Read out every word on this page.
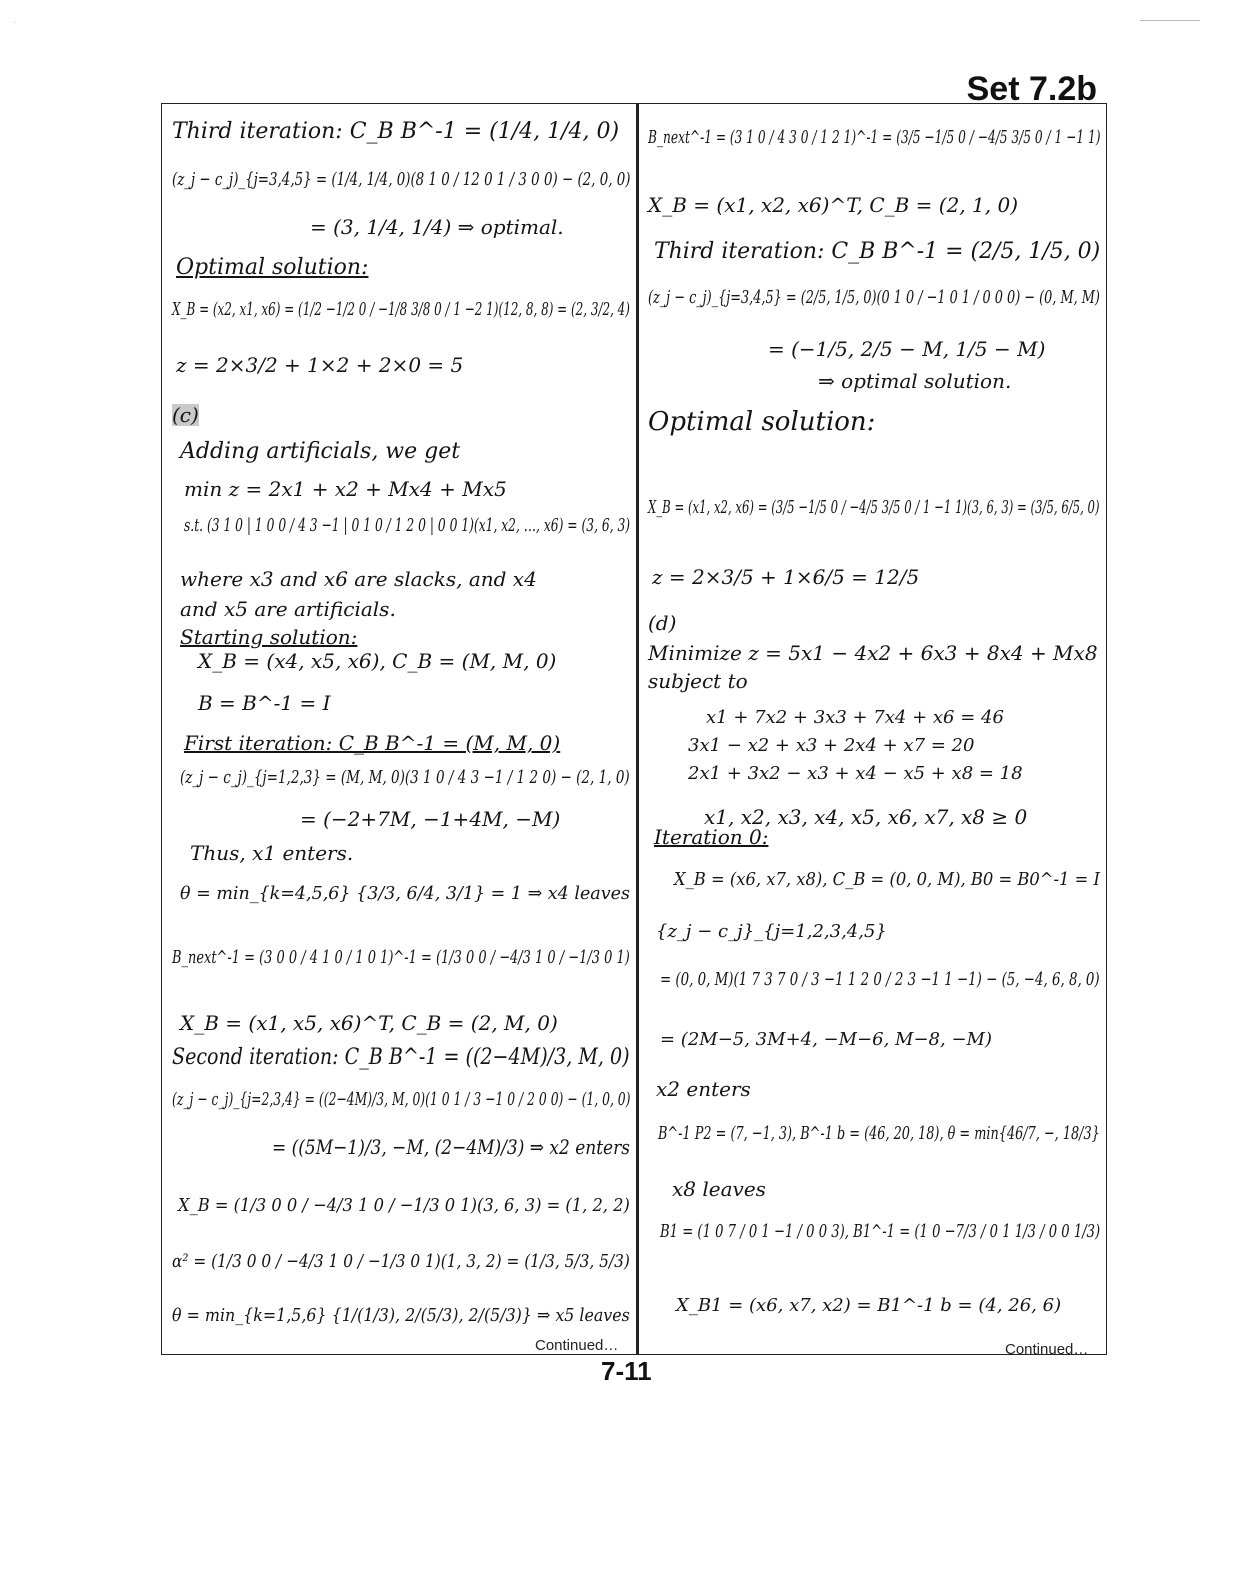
Set 7.2b
Third iteration: C_B B^-1 = (1/4, 1/4, 0)
(z_j − c_j)_{j=3,4,5} = (1/4, 1/4, 0)(8 1 0 / 12 0 1 / 3 0 0) − (2, 0, 0)
= (3, 1/4, 1/4) ⇒ optimal.
Optimal solution:
X_B = (x2, x1, x6) = (1/2 −1/2 0 / −1/8 3/8 0 / 1 −2 1)(12, 8, 8) = (2, 3/2, 4)
z = 2×3/2 + 1×2 + 2×0 = 5
(c)
Adding artificials, we get
min z = 2x1 + x2 + Mx4 + Mx5
s.t. (3 1 0 | 1 0 0 / 4 3 −1 | 0 1 0 / 1 2 0 | 0 0 1)(x1, x2, …, x6) = (3, 6, 3)
where x3 and x6 are slacks, and x4
and x5 are artificials.
Starting solution:
X_B = (x4, x5, x6), C_B = (M, M, 0)
B = B^-1 = I
First iteration: C_B B^-1 = (M, M, 0)
(z_j − c_j)_{j=1,2,3} = (M, M, 0)(3 1 0 / 4 3 −1 / 1 2 0) − (2, 1, 0)
= (−2+7M, −1+4M, −M)
Thus, x1 enters.
θ = min_{k=4,5,6} {3/3, 6/4, 3/1} = 1 ⇒ x4 leaves
B_next^-1 = (3 0 0 / 4 1 0 / 1 0 1)^-1 = (1/3 0 0 / −4/3 1 0 / −1/3 0 1)
X_B = (x1, x5, x6)^T, C_B = (2, M, 0)
Second iteration: C_B B^-1 = ((2−4M)/3, M, 0)
(z_j − c_j)_{j=2,3,4} = ((2−4M)/3, M, 0)(1 0 1 / 3 −1 0 / 2 0 0) − (1, 0, 0)
= ((5M−1)/3, −M, (2−4M)/3) ⇒ x2 enters
X_B = (1/3 0 0 / −4/3 1 0 / −1/3 0 1)(3, 6, 3) = (1, 2, 2)
α² = (1/3 0 0 / −4/3 1 0 / −1/3 0 1)(1, 3, 2) = (1/3, 5/3, 5/3)
θ = min_{k=1,5,6} {1/(1/3), 2/(5/3), 2/(5/3)} ⇒ x5 leaves
Continued…
B_next^-1 = (3 1 0 / 4 3 0 / 1 2 1)^-1 = (3/5 −1/5 0 / −4/5 3/5 0 / 1 −1 1)
X_B = (x1, x2, x6)^T, C_B = (2, 1, 0)
Third iteration: C_B B^-1 = (2/5, 1/5, 0)
(z_j − c_j)_{j=3,4,5} = (2/5, 1/5, 0)(0 1 0 / −1 0 1 / 0 0 0) − (0, M, M)
= (−1/5, 2/5 − M, 1/5 − M)
⇒ optimal solution.
Optimal solution:
X_B = (x1, x2, x6) = (3/5 −1/5 0 / −4/5 3/5 0 / 1 −1 1)(3, 6, 3) = (3/5, 6/5, 0)
z = 2×3/5 + 1×6/5 = 12/5
(d)
Minimize z = 5x1 − 4x2 + 6x3 + 8x4 + Mx8
subject to
x1 + 7x2 + 3x3 + 7x4 + x6 = 46
3x1 − x2 + x3 + 2x4 + x7 = 20
2x1 + 3x2 − x3 + x4 − x5 + x8 = 18
x1, x2, x3, x4, x5, x6, x7, x8 ≥ 0
Iteration 0:
X_B = (x6, x7, x8), C_B = (0, 0, M), B0 = B0^-1 = I
{z_j − c_j}_{j=1,2,3,4,5}
= (0, 0, M)(1 7 3 7 0 / 3 −1 1 2 0 / 2 3 −1 1 −1) − (5, −4, 6, 8, 0)
= (2M−5, 3M+4, −M−6, M−8, −M)
x2 enters
B^-1 P2 = (7, −1, 3), B^-1 b = (46, 20, 18), θ = min{46/7, −, 18/3}
x8 leaves
B1 = (1 0 7 / 0 1 −1 / 0 0 3), B1^-1 = (1 0 −7/3 / 0 1 1/3 / 0 0 1/3)
X_B1 = (x6, x7, x2) = B1^-1 b = (4, 26, 6)
Continued…
7-11
